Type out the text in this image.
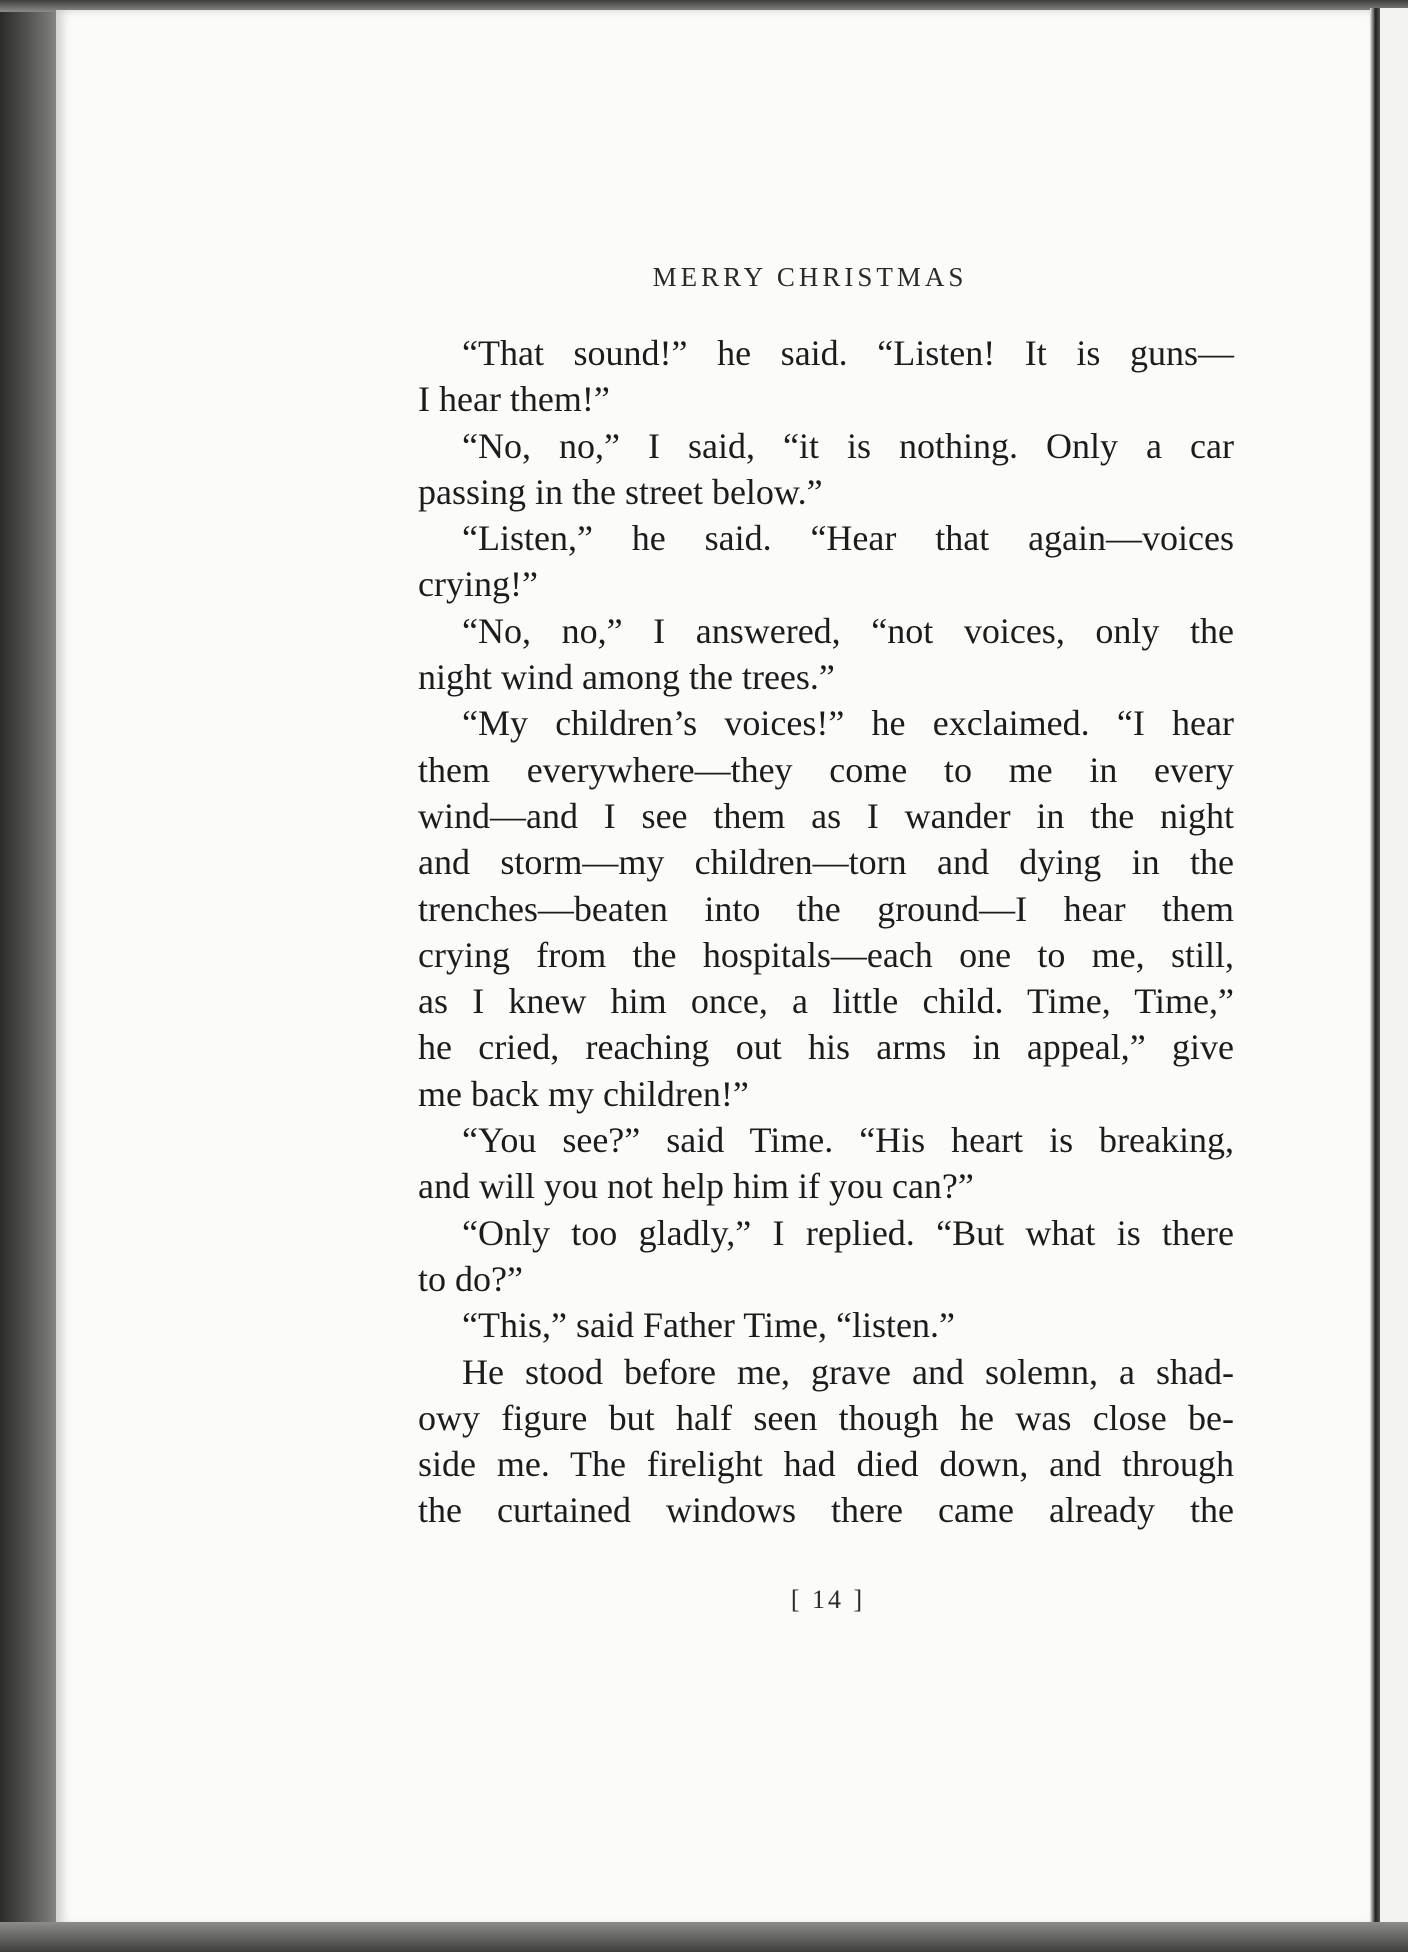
MERRY CHRISTMAS
“That sound!” he said. “Listen! It is guns—
I hear them!”
“No, no,” I said, “it is nothing. Only a car
passing in the street below.”
“Listen,” he said. “Hear that again—voices
crying!”
“No, no,” I answered, “not voices, only the
night wind among the trees.”
“My children’s voices!” he exclaimed. “I hear
them everywhere—they come to me in every
wind—and I see them as I wander in the night
and storm—my children—torn and dying in the
trenches—beaten into the ground—I hear them
crying from the hospitals—each one to me, still,
as I knew him once, a little child. Time, Time,”
he cried, reaching out his arms in appeal,” give
me back my children!”
“You see?” said Time. “His heart is breaking,
and will you not help him if you can?”
“Only too gladly,” I replied. “But what is there
to do?”
“This,” said Father Time, “listen.”
He stood before me, grave and solemn, a shad-
owy figure but half seen though he was close be-
side me. The firelight had died down, and through
the curtained windows there came already the
[ 14 ]
